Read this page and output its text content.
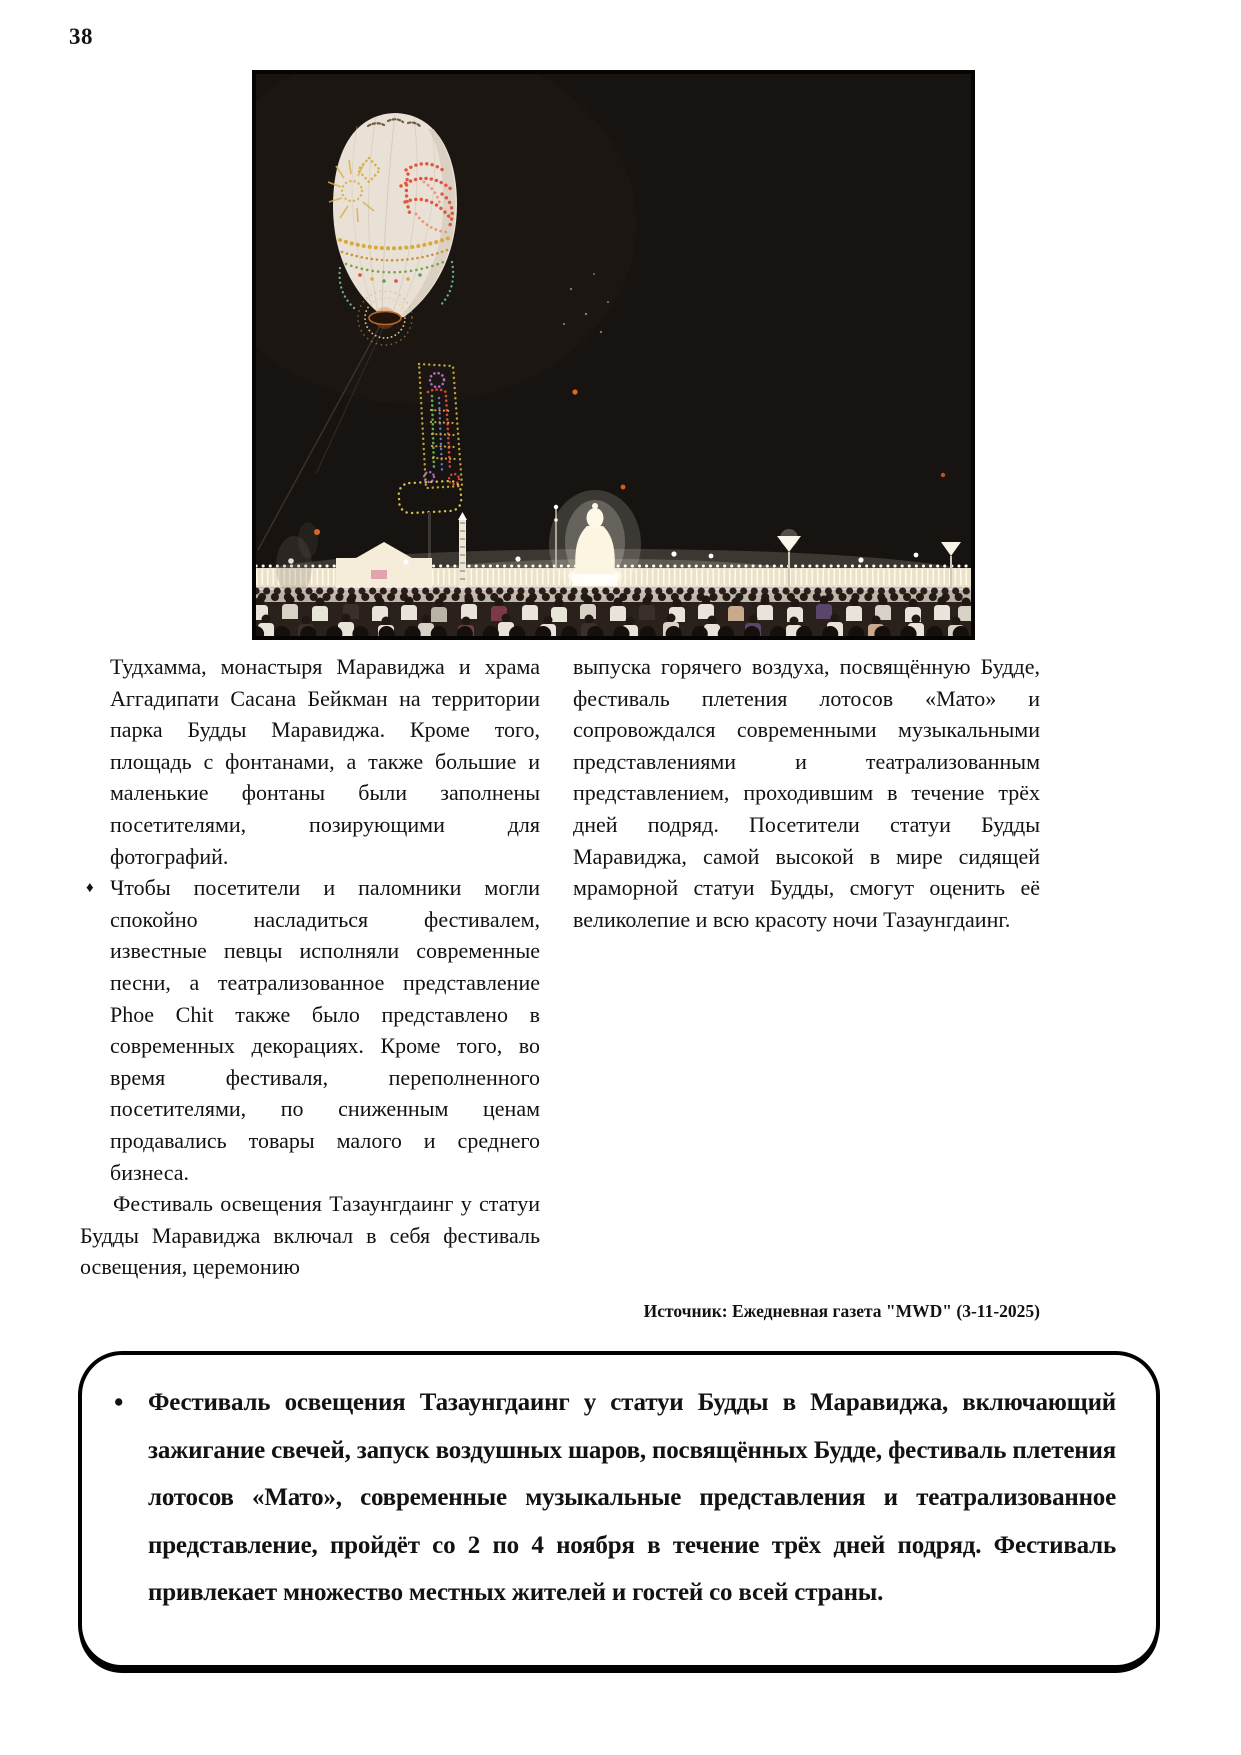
38

Тудхамма, монастыря Маравиджа и храма Аггадипати Сасана Бейкман на территории парка Будды Маравиджа. Кроме того, площадь с фонтанами, а также большие и маленькие фонтаны были заполнены посетителями, позирующими для фотографий.

♦ Чтобы посетители и паломники могли спокойно насладиться фестивалем, известные певцы исполняли современные песни, а театрализованное представление Phoe Chit также было представлено в современных декорациях. Кроме того, во время фестиваля, переполненного посетителями, по сниженным ценам продавались товары малого и среднего бизнеса.

Фестиваль освещения Тазаунгдаинг у статуи Будды Маравиджа включал в себя фестиваль освещения, церемонию

выпуска горячего воздуха, посвящённую Будде, фестиваль плетения лотосов «Мато» и сопровождался современными музыкальными представлениями и театрализованным представлением, проходившим в течение трёх дней подряд. Посетители статуи Будды Маравиджа, самой высокой в мире сидящей мраморной статуи Будды, смогут оценить её великолепие и всю красоту ночи Тазаунгдаинг.

Источник: Ежедневная газета "MWD" (3-11-2025)
• Фестиваль освещения Тазаунгдаинг у статуи Будды в Маравиджа, включающий зажигание свечей, запуск воздушных шаров, посвящённых Будде, фестиваль плетения лотосов «Мато», современные музыкальные представления и театрализованное представление, пройдёт со 2 по 4 ноября в течение трёх дней подряд. Фестиваль привлекает множество местных жителей и гостей со всей страны.
